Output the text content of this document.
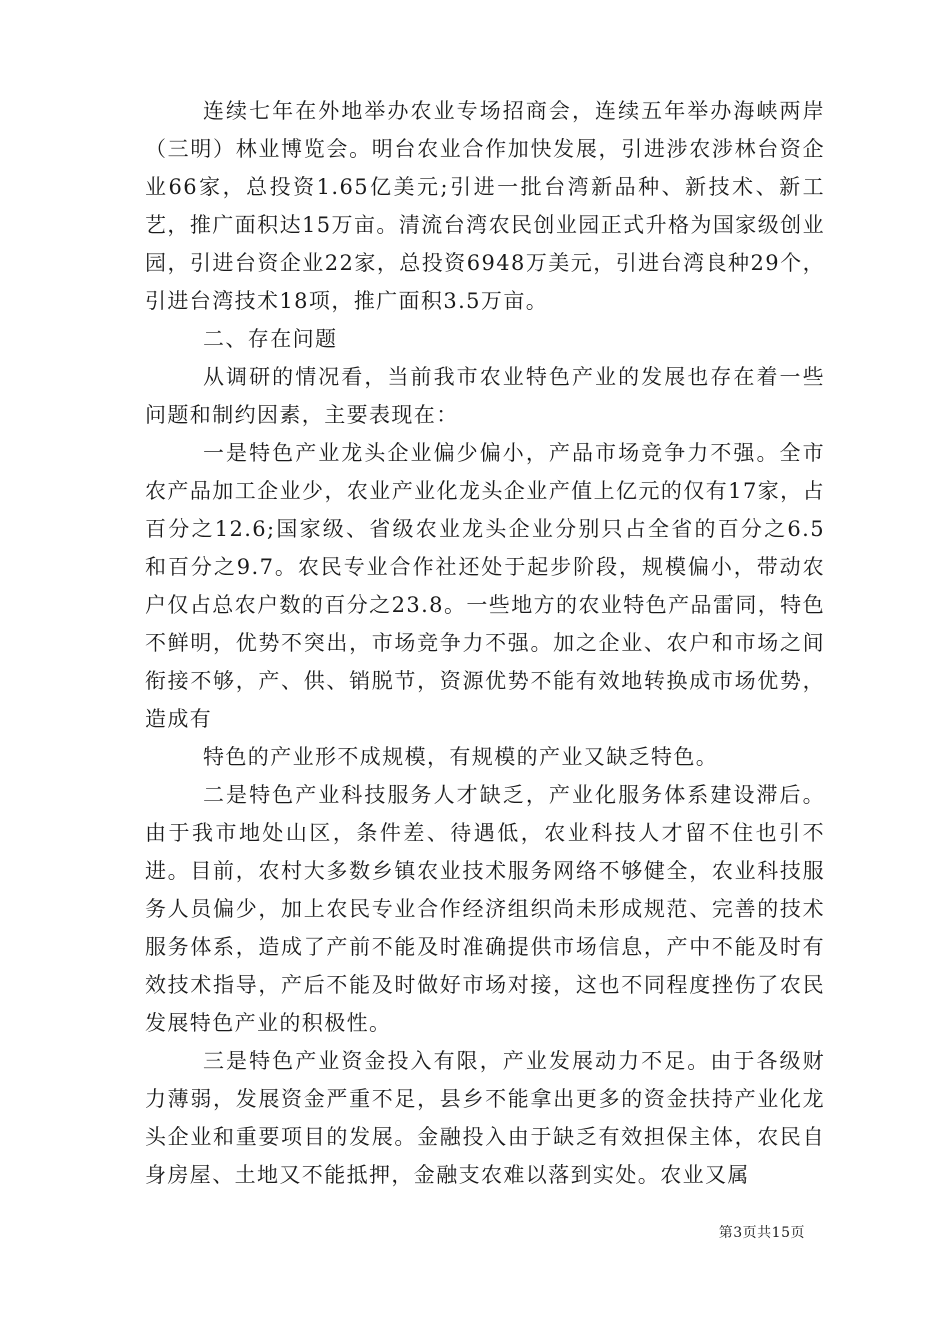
连续七年在外地举办农业专场招商会，连续五年举办海峡两岸（三明）林业博览会。明台农业合作加快发展，引进涉农涉林台资企业66家，总投资1.65亿美元;引进一批台湾新品种、新技术、新工艺，推广面积达15万亩。清流台湾农民创业园正式升格为国家级创业园，引进台资企业22家，总投资6948万美元，引进台湾良种29个，引进台湾技术18项，推广面积3.5万亩。

二、存在问题

从调研的情况看，当前我市农业特色产业的发展也存在着一些问题和制约因素，主要表现在：

一是特色产业龙头企业偏少偏小，产品市场竞争力不强。全市农产品加工企业少，农业产业化龙头企业产值上亿元的仅有17家，占百分之12.6;国家级、省级农业龙头企业分别只占全省的百分之6.5和百分之9.7。农民专业合作社还处于起步阶段，规模偏小，带动农户仅占总农户数的百分之23.8。一些地方的农业特色产品雷同，特色不鲜明，优势不突出，市场竞争力不强。加之企业、农户和市场之间衔接不够，产、供、销脱节，资源优势不能有效地转换成市场优势，造成有

特色的产业形不成规模，有规模的产业又缺乏特色。

二是特色产业科技服务人才缺乏，产业化服务体系建设滞后。由于我市地处山区，条件差、待遇低，农业科技人才留不住也引不进。目前，农村大多数乡镇农业技术服务网络不够健全，农业科技服务人员偏少，加上农民专业合作经济组织尚未形成规范、完善的技术服务体系，造成了产前不能及时准确提供市场信息，产中不能及时有效技术指导，产后不能及时做好市场对接，这也不同程度挫伤了农民发展特色产业的积极性。

三是特色产业资金投入有限，产业发展动力不足。由于各级财力薄弱，发展资金严重不足，县乡不能拿出更多的资金扶持产业化龙头企业和重要项目的发展。金融投入由于缺乏有效担保主体，农民自身房屋、土地又不能抵押，金融支农难以落到实处。农业又属

第3页共15页
